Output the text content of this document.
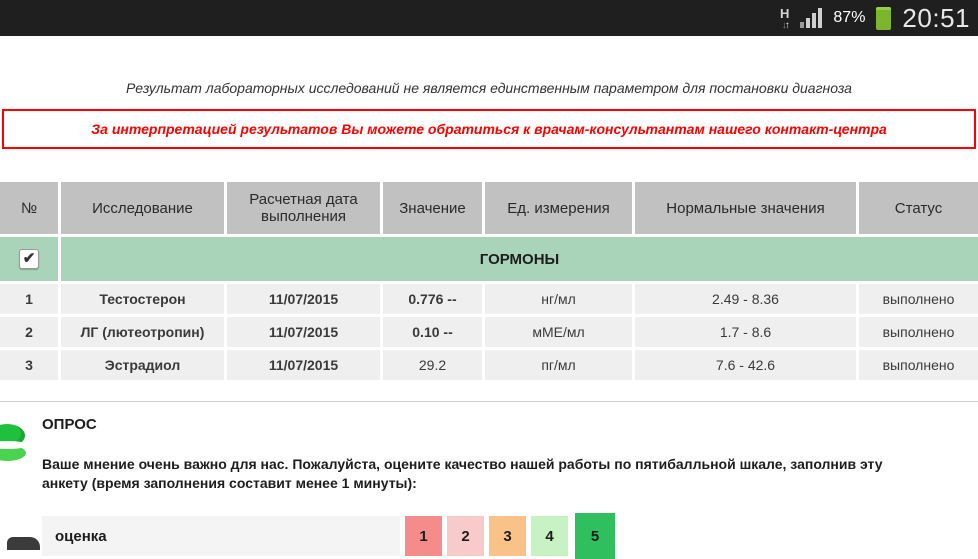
H
↓↑	87% 20:51
Результат лабораторных исследований не является единственным параметром для постановки диагноза
За интерпретацией результатов Вы можете обратиться к врачам-консультантам нашего контакт-центра
№	Исследование	Расчетная дата выполнения	Значение	Ед. измерения	Нормальные значения	Статус
✔	ГОРМОНЫ					
1	Тестостерон	11/07/2015	0.776 --	нг/мл	2.49 - 8.36	выполнено
2	ЛГ (лютеотропин)	11/07/2015	0.10 --	мМЕ/мл	1.7 - 8.6	выполнено
3	Эстрадиол	11/07/2015	29.2	пг/мл	7.6 - 42.6	выполнено
ОПРОС
Ваше мнение очень важно для нас. Пожалуйста, оцените качество нашей работы по пятибалльной шкале, заполнив эту анкету (время заполнения составит менее 1 минуты):
оценка	1	2	3	4	5
